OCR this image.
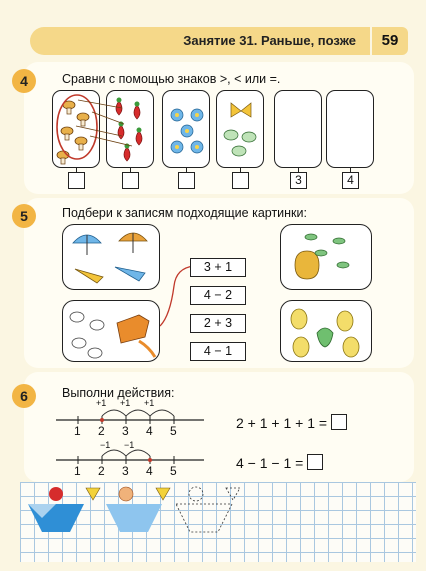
Занятие 31. Раньше, позже	59
4	Сравни с помощью знаков >, < или =.
3	4
5	Подбери к записям подходящие картинки:
3 + 1
4 − 2
2 + 3
4 − 1
6	Выполни действия:
+1 +1 +1
1 2 3 4 5
−1 −1
1 2 3 4 5
2 + 1 + 1 + 1 =
4 − 1 − 1 =
